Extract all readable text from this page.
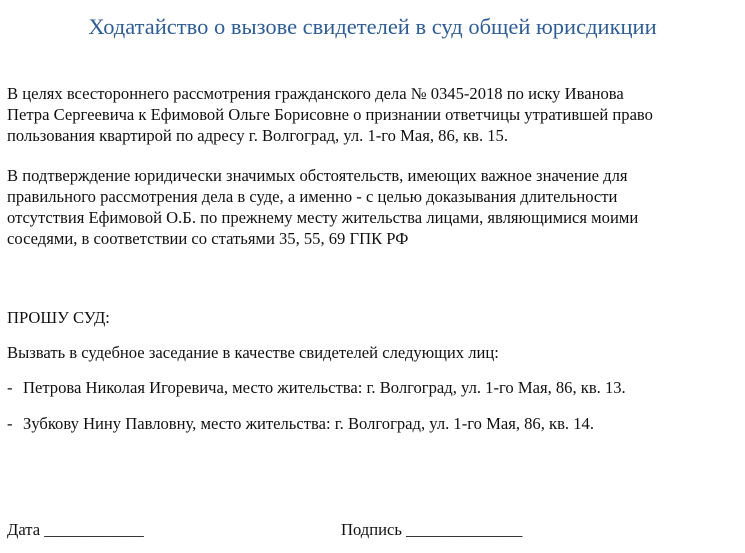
Ходатайство о вызове свидетелей в суд общей юрисдикции
В целях всестороннего рассмотрения гражданского дела № 0345-2018 по иску Иванова
Петра Сергеевича к Ефимовой Ольге Борисовне о признании ответчицы утратившей право
пользования квартирой по адресу г. Волгоград, ул. 1-го Мая, 86, кв. 15.
В подтверждение юридически значимых обстоятельств, имеющих важное значение для
правильного рассмотрения дела в суде, а именно - с целью доказывания длительности
отсутствия Ефимовой О.Б. по прежнему месту жительства лицами, являющимися моими
соседями, в соответствии со статьями 35, 55, 69 ГПК РФ
ПРОШУ СУД:
Вызвать в судебное заседание в качестве свидетелей следующих лиц:
- Петрова Николая Игоревича, место жительства: г. Волгоград, ул. 1-го Мая, 86, кв. 13.
- Зубкову Нину Павловну, место жительства: г. Волгоград, ул. 1-го Мая, 86, кв. 14.
Дата ____________	Подпись ______________
